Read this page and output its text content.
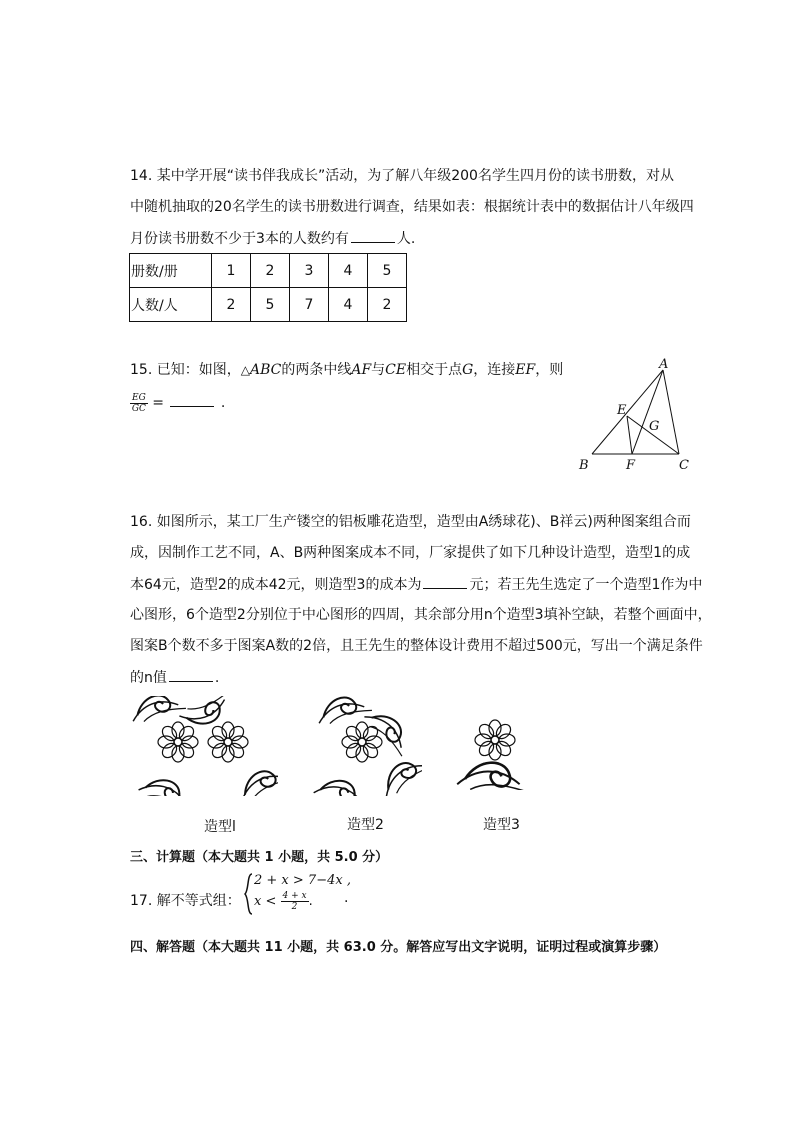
14. 某中学开展“读书伴我成长”活动，为了解八年级200名学生四月份的读书册数，对从
中随机抽取的20名学生的读书册数进行调查，结果如表：根据统计表中的数据估计八年级四
月份读书册数不少于3本的人数约有	人.
册数/册	1	2	3	4	5
人数/人	2	5	7	4	2
15. 已知：如图，△ABC的两条中线AF与CE相交于点G，连接EF，则
$\frac{EG}{GC}$ =	.
A
B	C
E
F
G
16. 如图所示，某工厂生产镂空的铝板雕花造型，造型由A绣球花)、B祥云)两种图案组合而
成，因制作工艺不同，A、B两种图案成本不同，厂家提供了如下几种设计造型，造型1的成
本64元，造型2的成本42元，则造型3的成本为	元；若王先生选定了一个造型1作为中
心图形，6个造型2分别位于中心图形的四周，其余部分用n个造型3填补空缺，若整个画面中，
图案B个数不多于图案A数的2倍，且王先生的整体设计费用不超过500元，写出一个满足条件
的n值	.
造型l	造型2	造型3
三、计算题（本大题共 1 小题，共 5.0 分）
17. 解不等式组：
2 + x > 7−4x ,
$x < \frac{4 + x}{2}$ . .
四、解答题（本大题共 11 小题，共 63.0 分。解答应写出文字说明，证明过程或演算步骤）
